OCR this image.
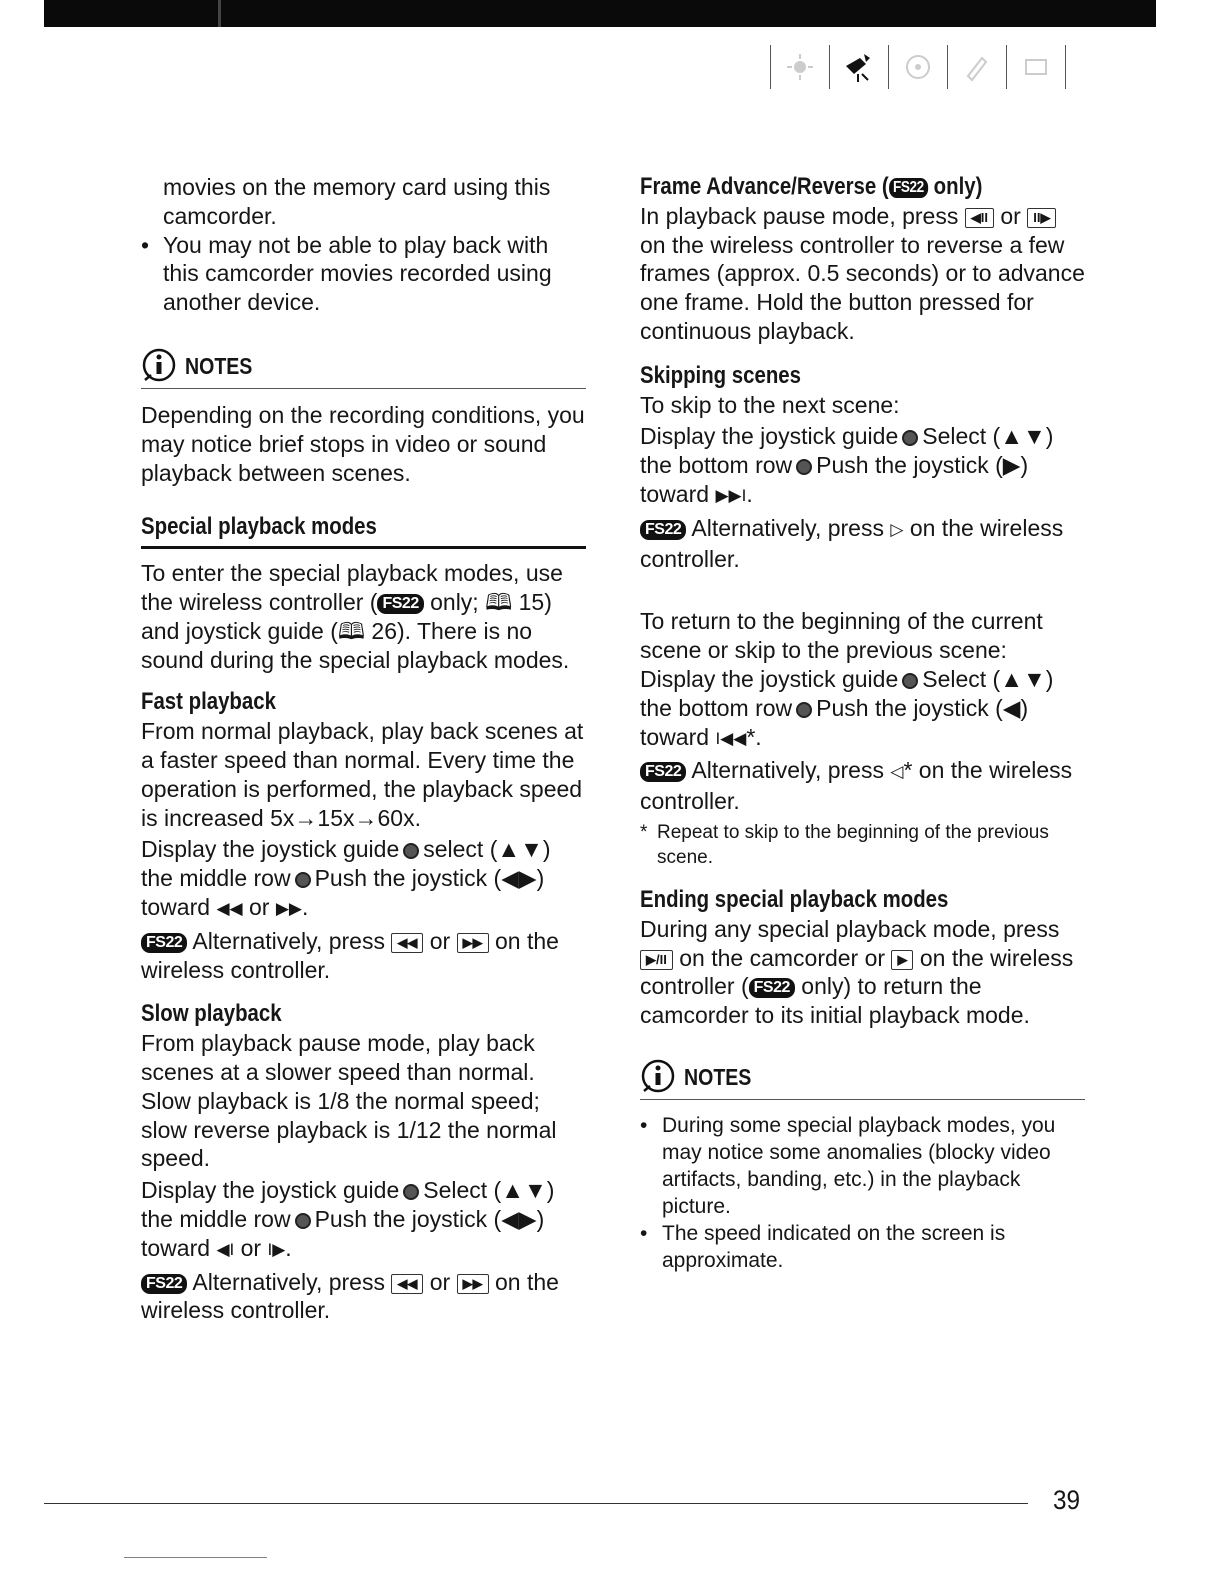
movies on the memory card using this camcorder.

• You may not be able to play back with this camcorder movies recorded using another device.
NOTES

Depending on the recording conditions, you may notice brief stops in video or sound playback between scenes.

Special playback modes

To enter the special playback modes, use the wireless controller ( FS22 only; 🕮 15) and joystick guide (🕮 26). There is no sound during the special playback modes.

Fast playback

From normal playback, play back scenes at a faster speed than normal. Every time the operation is performed, the playback speed is increased 5x→15x→60x.

Display the joystick guide select (▲▼) the middle row Push the joystick (◀▶) toward ◀◀ or ▶▶.

FS22 Alternatively, press ◀◀ or ▶▶ on the wireless controller.

Slow playback

From playback pause mode, play back scenes at a slower speed than normal. Slow playback is 1/8 the normal speed; slow reverse playback is 1/12 the normal speed.

Display the joystick guide Select (▲▼) the middle row Push the joystick (◀▶) toward ◀I or I▶.

FS22 Alternatively, press ◀◀ or ▶▶ on the wireless controller.

Frame Advance/Reverse ( FS22 only)

In playback pause mode, press ◀II or II▶ on the wireless controller to reverse a few frames (approx. 0.5 seconds) or to advance one frame. Hold the button pressed for continuous playback.

Skipping scenes

To skip to the next scene:

Display the joystick guide Select (▲▼) the bottom row Push the joystick (▶) toward ▶▶I.

FS22 Alternatively, press ▷ on the wireless controller.

To return to the beginning of the current scene or skip to the previous scene:

Display the joystick guide Select (▲▼) the bottom row Push the joystick (◀) toward I◀◀*.

FS22 Alternatively, press ◁* on the wireless controller.

* Repeat to skip to the beginning of the previous scene.

Ending special playback modes

During any special playback mode, press ▶/II on the camcorder or ▶ on the wireless controller ( FS22 only) to return the camcorder to its initial playback mode.

NOTES
• During some special playback modes, you may notice some anomalies (blocky video artifacts, banding, etc.) in the playback picture.
• The speed indicated on the screen is approximate.
39
